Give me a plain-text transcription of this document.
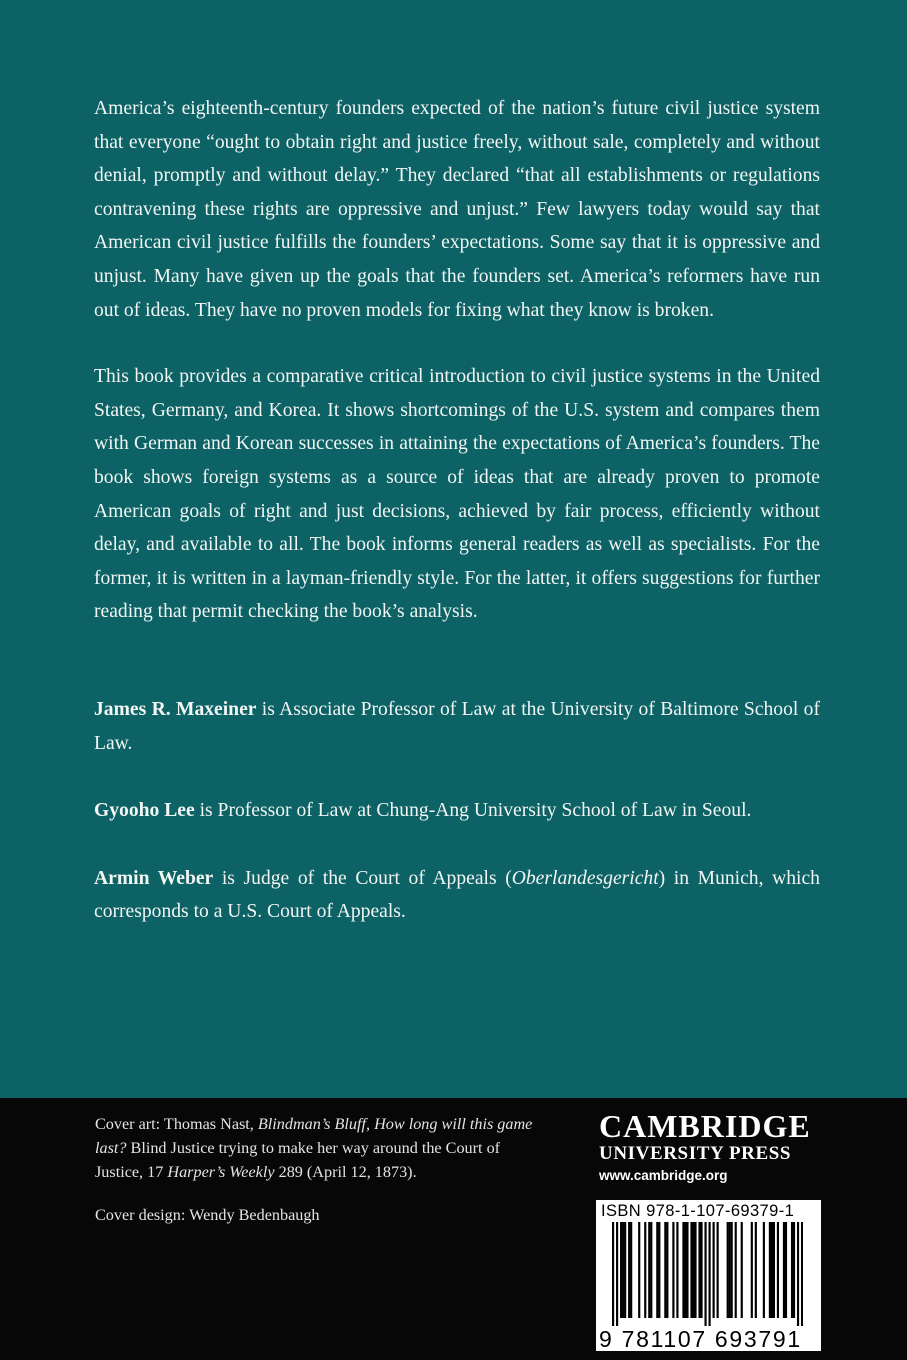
America’s eighteenth-century founders expected of the nation’s future civil justice system that everyone “ought to obtain right and justice freely, without sale, completely and without denial, promptly and without delay.” They declared “that all establishments or regulations contravening these rights are oppressive and unjust.” Few lawyers today would say that American civil justice fulfills the founders’ expectations. Some say that it is oppressive and unjust. Many have given up the goals that the founders set. America’s reformers have run out of ideas. They have no proven models for fixing what they know is broken.

This book provides a comparative critical introduction to civil justice systems in the United States, Germany, and Korea. It shows shortcomings of the U.S. system and compares them with German and Korean successes in attaining the expectations of America’s founders. The book shows foreign systems as a source of ideas that are already proven to promote American goals of right and just decisions, achieved by fair process, efficiently without delay, and available to all. The book informs general readers as well as specialists. For the former, it is written in a layman-friendly style. For the latter, it offers suggestions for further reading that permit checking the book’s analysis.

James R. Maxeiner is Associate Professor of Law at the University of Baltimore School of Law.

Gyooho Lee is Professor of Law at Chung-Ang University School of Law in Seoul.

Armin Weber is Judge of the Court of Appeals (Oberlandesgericht) in Munich, which corresponds to a U.S. Court of Appeals.

Cover art: Thomas Nast, Blindman’s Bluff, How long will this game last? Blind Justice trying to make her way around the Court of Justice, 17 Harper’s Weekly 289 (April 12, 1873).

Cover design: Wendy Bedenbaugh

CAMBRIDGE
UNIVERSITY PRESS
www.cambridge.org
ISBN 978-1-107-69379-1
9 781107 693791
